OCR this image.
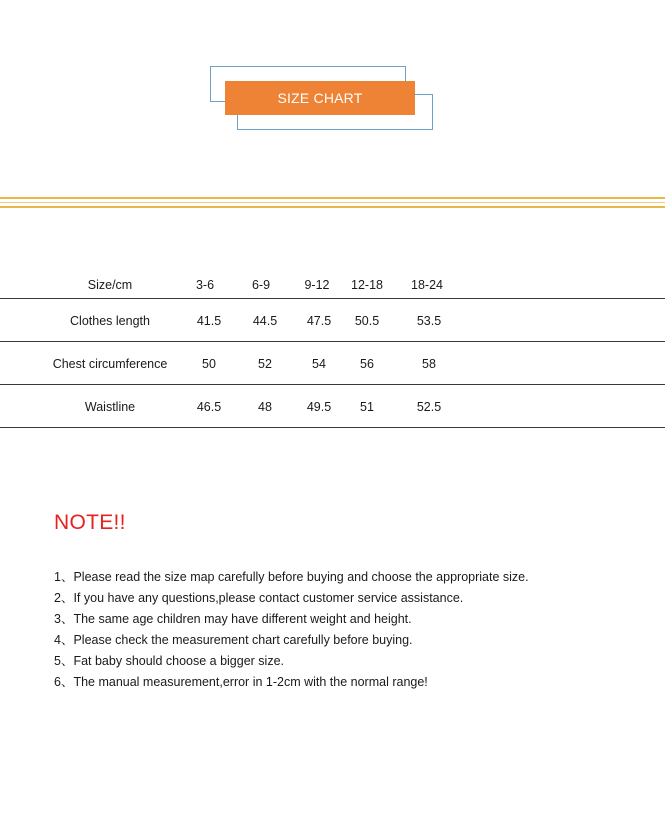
SIZE CHART
Size/cm	3-6	6-9	9-12	12-18	18-24
Clothes length	41.5	44.5	47.5	50.5	53.5
Chest circumference	50	52	54	56	58
Waistline	46.5	48	49.5	51	52.5
NOTE!!
1、Please read the size map carefully before buying and choose the appropriate size.
2、If you have any questions,please contact customer service assistance.
3、The same age children may have different weight and height.
4、Please check the measurement chart carefully before buying.
5、Fat baby should choose a bigger size.
6、The manual measurement,error in 1-2cm with the normal range!
